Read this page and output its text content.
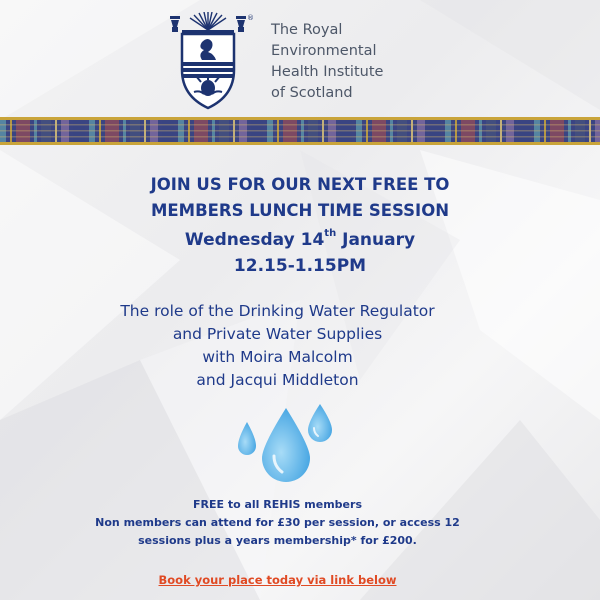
®
The Royal
Environmental
Health Institute
of Scotland
JOIN US FOR OUR NEXT FREE TO
MEMBERS LUNCH TIME SESSION
Wednesday 14th January
12.15-1.15PM
The role of the Drinking Water Regulator
and Private Water Supplies
with Moira Malcolm
and Jacqui Middleton
FREE to all REHIS members
Non members can attend for £30 per session, or access 12
sessions plus a years membership* for £200.
Book your place today via link below
